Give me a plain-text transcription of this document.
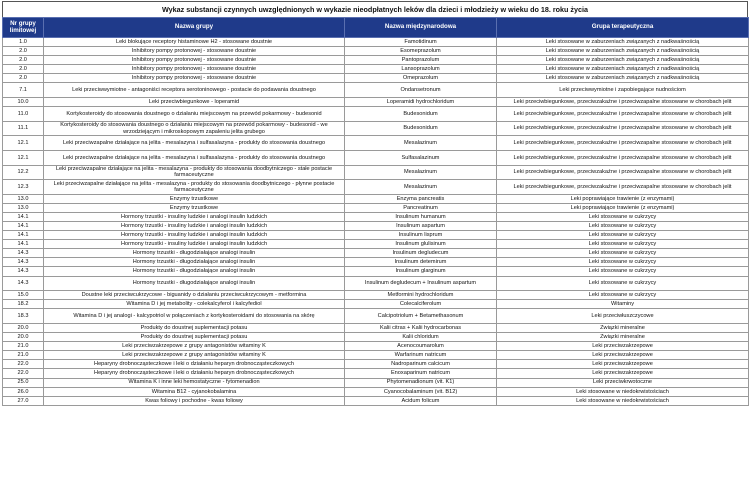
Wykaz substancji czynnych uwzględnionych w wykazie nieodpłatnych leków dla dzieci i młodzieży w wieku do 18. roku życia
Nr grupy limitowej	Nazwa grupy	Nazwa międzynarodowa	Grupa terapeutyczna
1.0	Leki blokujące receptory histaminowe H2 - stosowane doustnie	Famotidinum	Leki stosowane w zaburzeniach związanych z nadkwaśnością
2.0	Inhibitory pompy protonowej - stosowane doustnie	Esomeprazolum	Leki stosowane w zaburzeniach związanych z nadkwaśnością
2.0	Inhibitory pompy protonowej - stosowane doustnie	Pantoprazolum	Leki stosowane w zaburzeniach związanych z nadkwaśnością
2.0	Inhibitory pompy protonowej - stosowane doustnie	Lansoprazolum	Leki stosowane w zaburzeniach związanych z nadkwaśnością
2.0	Inhibitory pompy protonowej - stosowane doustnie	Omeprazolum	Leki stosowane w zaburzeniach związanych z nadkwaśnością
7.1	Leki przeciwwymiotne - antagoniści receptora serotoninowego - postacie do podawania doustnego	Ondansetronum	Leki przeciwwymiotne i zapobiegające nudnościom
10.0	Leki przeciwbiegunkowe - loperamid	Loperamidi hydrochloridum	Leki przeciwbiegunkowe, przeciwzakaźne i przeciwzapalne stosowane w chorobach jelit
11.0	Kortykosteroidy do stosowania doustnego o działaniu miejscowym na przewód pokarmowy - budesonid	Budesonidum	Leki przeciwbiegunkowe, przeciwzakaźne i przeciwzapalne stosowane w chorobach jelit
11.1	Kortykosteroidy do stosowania doustnego o działaniu miejscowym na przewód pokarmowy - budesonid - we wrzodziejącym i mikroskopowym zapaleniu jelita grubego	Budesonidum	Leki przeciwbiegunkowe, przeciwzakaźne i przeciwzapalne stosowane w chorobach jelit
12.1	Leki przeciwzapalne działające na jelita - mesalazyna i sulfasalazyna - produkty do stosowania doustnego	Mesalazinum	Leki przeciwbiegunkowe, przeciwzakaźne i przeciwzapalne stosowane w chorobach jelit
12.1	Leki przeciwzapalne działające na jelita - mesalazyna i sulfasalazyna - produkty do stosowania doustnego	Sulfasalazinum	Leki przeciwbiegunkowe, przeciwzakaźne i przeciwzapalne stosowane w chorobach jelit
12.2	Leki przeciwzapalne działające na jelita - mesalazyna - produkty do stosowania doodbytniczego - stałe postacie farmaceutyczne	Mesalazinum	Leki przeciwbiegunkowe, przeciwzakaźne i przeciwzapalne stosowane w chorobach jelit
12.3	Leki przeciwzapalne działające na jelita - mesalazyna - produkty do stosowania doodbytniczego - płynne postacie farmaceutyczne	Mesalazinum	Leki przeciwbiegunkowe, przeciwzakaźne i przeciwzapalne stosowane w chorobach jelit
13.0	Enzymy trzustkowe	Enzyma pancreatis	Leki poprawiające trawienie (z enzymami)
13.0	Enzymy trzustkowe	Pancreatinum	Leki poprawiające trawienie (z enzymami)
14.1	Hormony trzustki - insuliny ludzkie i analogi insulin ludzkich	Insulinum humanum	Leki stosowane w cukrzycy
14.1	Hormony trzustki - insuliny ludzkie i analogi insulin ludzkich	Insulinum aspartum	Leki stosowane w cukrzycy
14.1	Hormony trzustki - insuliny ludzkie i analogi insulin ludzkich	Insulinum lisprum	Leki stosowane w cukrzycy
14.1	Hormony trzustki - insuliny ludzkie i analogi insulin ludzkich	Insulinum glulisinum	Leki stosowane w cukrzycy
14.3	Hormony trzustki - długodziałające analogi insulin	Insulinum degludecum	Leki stosowane w cukrzycy
14.3	Hormony trzustki - długodziałające analogi insulin	Insulinum detemirum	Leki stosowane w cukrzycy
14.3	Hormony trzustki - długodziałające analogi insulin	Insulinum glarginum	Leki stosowane w cukrzycy
14.3	Hormony trzustki - długodziałające analogi insulin	Insulinum degludecum + Insulinum aspartum	Leki stosowane w cukrzycy
15.0	Doustne leki przeciwcukrzycowe - biguanidy o działaniu przeciwcukrzycowym - metformina	Metformini hydrochloridum	Leki stosowane w cukrzycy
18.2	Witamina D i jej metabolity - colekalcyferol i kalcyfediol	Colecalciferolum	Witaminy
18.3	Witamina D i jej analogi - kalcypotriol w połączeniach z kortykosteroidami do stosowania na skórę	Calcipotriolum + Betamethasonum	Leki przeciwłuszczycowe
20.0	Produkty do doustnej suplementacji potasu	Kalii citras + Kalii hydrocarbonas	Związki mineralne
20.0	Produkty do doustnej suplementacji potasu	Kalii chloridum	Związki mineralne
21.0	Leki przeciwzakrzepowe z grupy antagonistów witaminy K	Acenocoumarolum	Leki przeciwzakrzepowe
21.0	Leki przeciwzakrzepowe z grupy antagonistów witaminy K	Warfarinum natricum	Leki przeciwzakrzepowe
22.0	Heparyny drobnocząsteczkowe i leki o działaniu heparyn drobnocząsteczkowych	Nadroparinum calcicum	Leki przeciwzakrzepowe
22.0	Heparyny drobnocząsteczkowe i leki o działaniu heparyn drobnocząsteczkowych	Enoxaparinum natricum	Leki przeciwzakrzepowe
25.0	Witamina K i inne leki hemostatyczne - fytomenadion	Phytomenadionum (vit. K1)	Leki przeciwkrwotoczne
26.0	Witamina B12 - cyjanokobalamina	Cyanocobalaminum (vit. B12)	Leki stosowane w niedokrwistościach
27.0	Kwas foliowy i pochodne - kwas foliowy	Acidum folicum	Leki stosowane w niedokrwistościach
